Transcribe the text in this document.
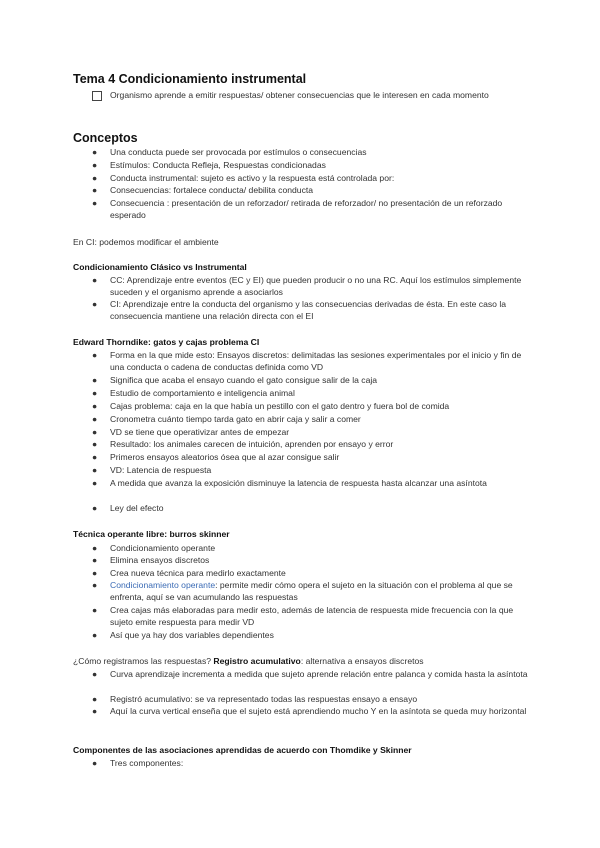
Tema 4 Condicionamiento instrumental
Organismo aprende a emitir respuestas/ obtener consecuencias que le interesen en cada momento
Conceptos
● Una conducta puede ser provocada por estímulos o consecuencias
● Estímulos: Conducta Refleja, Respuestas condicionadas
● Conducta instrumental: sujeto es activo y la respuesta está controlada por:
● Consecuencias: fortalece conducta/ debilita conducta
● Consecuencia : presentación de un reforzador/ retirada de reforzador/ no presentación de un reforzado esperado
En CI: podemos modificar el ambiente
Condicionamiento Clásico vs Instrumental
● CC: Aprendizaje entre eventos (EC y EI) que pueden producir o no una RC. Aquí los estímulos simplemente suceden y el organismo aprende a asociarlos
● CI: Aprendizaje entre la conducta del organismo y las consecuencias derivadas de ésta. En este caso la consecuencia mantiene una relación directa con el EI
Edward Thorndike: gatos y cajas problema CI
● Forma en la que mide esto: Ensayos discretos: delimitadas las sesiones experimentales por el inicio y fin de una conducta o cadena de conductas definida como VD
● Significa que acaba el ensayo cuando el gato consigue salir de la caja
● Estudio de comportamiento e inteligencia animal
● Cajas problema: caja en la que había un pestillo con el gato dentro y fuera bol de comida
● Cronometra cuánto tiempo tarda gato en abrir caja y salir a comer
● VD se tiene que operativizar antes de empezar
● Resultado: los animales carecen de intuición, aprenden por ensayo y error
● Primeros ensayos aleatorios ósea que al azar consigue salir
● VD: Latencia de respuesta
● A medida que avanza la exposición disminuye la latencia de respuesta hasta alcanzar una asíntota
● Ley del efecto
Técnica operante libre: burros skinner
● Condicionamiento operante
● Elimina ensayos discretos
● Crea nueva técnica para medirlo exactamente
● Condicionamiento operante: permite medir cómo opera el sujeto en la situación con el problema al que se enfrenta, aquí se van acumulando las respuestas
● Crea cajas más elaboradas para medir esto, además de latencia de respuesta mide frecuencia con la que sujeto emite respuesta para medir VD
● Así que ya hay dos variables dependientes
¿Cómo registramos las respuestas? Registro acumulativo: alternativa a ensayos discretos
● Curva aprendizaje incrementa a medida que sujeto aprende relación entre palanca y comida hasta la asíntota
● Registró acumulativo: se va representado todas las respuestas ensayo a ensayo
● Aquí la curva vertical enseña que el sujeto está aprendiendo mucho Y en la asíntota se queda muy horizontal
Componentes de las asociaciones aprendidas de acuerdo con Thomdike y Skinner
● Tres componentes:
